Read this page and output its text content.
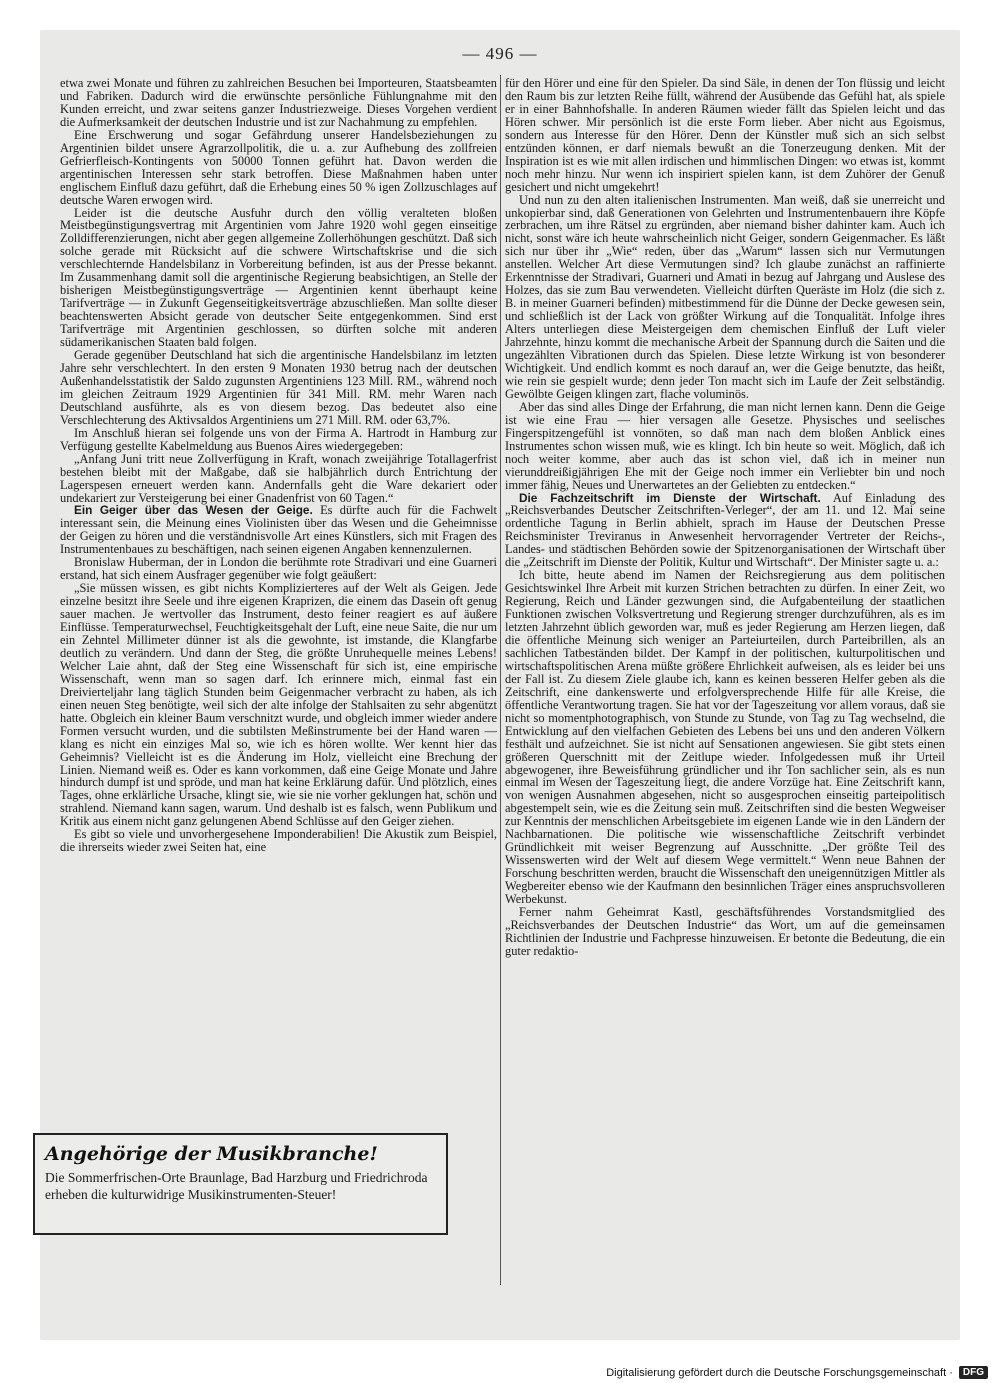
— 496 —

etwa zwei Monate und führen zu zahlreichen Besuchen bei Importeuren, Staatsbeamten und Fabriken. Dadurch wird die erwünschte persönliche Fühlungnahme mit den Kunden erreicht, und zwar seitens ganzer Industriezweige. Dieses Vorgehen verdient die Aufmerksamkeit der deutschen Industrie und ist zur Nachahmung zu empfehlen.

Eine Erschwerung und sogar Gefährdung unserer Handelsbeziehungen zu Argentinien bildet unsere Agrarzollpolitik, die u. a. zur Aufhebung des zollfreien Gefrierfleisch-Kontingents von 50000 Tonnen geführt hat. Davon werden die argentinischen Interessen sehr stark betroffen. Diese Maßnahmen haben unter englischem Einfluß dazu geführt, daß die Erhebung eines 50 % igen Zollzuschlages auf deutsche Waren erwogen wird.

Leider ist die deutsche Ausfuhr durch den völlig veralteten bloßen Meistbegünstigungsvertrag mit Argentinien vom Jahre 1920 wohl gegen einseitige Zolldifferenzierungen, nicht aber gegen allgemeine Zollerhöhungen geschützt. Daß sich solche gerade mit Rücksicht auf die schwere Wirtschaftskrise und die sich verschlechternde Handelsbilanz in Vorbereitung befinden, ist aus der Presse bekannt. Im Zusammenhang damit soll die argentinische Regierung beabsichtigen, an Stelle der bisherigen Meistbegünstigungsverträge — Argentinien kennt überhaupt keine Tarifverträge — in Zukunft Gegenseitigkeitsverträge abzuschließen. Man sollte dieser beachtenswerten Absicht gerade von deutscher Seite entgegenkommen. Sind erst Tarifverträge mit Argentinien geschlossen, so dürften solche mit anderen südamerikanischen Staaten bald folgen.

Gerade gegenüber Deutschland hat sich die argentinische Handelsbilanz im letzten Jahre sehr verschlechtert. In den ersten 9 Monaten 1930 betrug nach der deutschen Außenhandelsstatistik der Saldo zugunsten Argentiniens 123 Mill. RM., während noch im gleichen Zeitraum 1929 Argentinien für 341 Mill. RM. mehr Waren nach Deutschland ausführte, als es von diesem bezog. Das bedeutet also eine Verschlechterung des Aktivsaldos Argentiniens um 271 Mill. RM. oder 63,7%.

Im Anschluß hieran sei folgende uns von der Firma A. Hartrodt in Hamburg zur Verfügung gestellte Kabelmeldung aus Buenos Aires wiedergegeben:

„Anfang Juni tritt neue Zollverfügung in Kraft, wonach zweijährige Totallagerfrist bestehen bleibt mit der Maßgabe, daß sie halbjährlich durch Entrichtung der Lagerspesen erneuert werden kann. Andernfalls geht die Ware dekariert oder undekariert zur Versteigerung bei einer Gnadenfrist von 60 Tagen.“

Ein Geiger über das Wesen der Geige. Es dürfte auch für die Fachwelt interessant sein, die Meinung eines Violinisten über das Wesen und die Geheimnisse der Geigen zu hören und die verständnisvolle Art eines Künstlers, sich mit Fragen des Instrumentenbaues zu beschäftigen, nach seinen eigenen Angaben kennenzulernen.

Bronislaw Huberman, der in London die berühmte rote Stradivari und eine Guarneri erstand, hat sich einem Ausfrager gegenüber wie folgt geäußert:

„Sie müssen wissen, es gibt nichts Komplizierteres auf der Welt als Geigen. Jede einzelne besitzt ihre Seele und ihre eigenen Kraprizen, die einem das Dasein oft genug sauer machen. Je wertvoller das Instrument, desto feiner reagiert es auf äußere Einflüsse. Temperaturwechsel, Feuchtigkeitsgehalt der Luft, eine neue Saite, die nur um ein Zehntel Millimeter dünner ist als die gewohnte, ist imstande, die Klangfarbe deutlich zu verändern. Und dann der Steg, die größte Unruhequelle meines Lebens! Welcher Laie ahnt, daß der Steg eine Wissenschaft für sich ist, eine empirische Wissenschaft, wenn man so sagen darf. Ich erinnere mich, einmal fast ein Dreivierteljahr lang täglich Stunden beim Geigenmacher verbracht zu haben, als ich einen neuen Steg benötigte, weil sich der alte infolge der Stahlsaiten zu sehr abgenützt hatte. Obgleich ein kleiner Baum verschnitzt wurde, und obgleich immer wieder andere Formen versucht wurden, und die subtilsten Meßinstrumente bei der Hand waren — klang es nicht ein einziges Mal so, wie ich es hören wollte. Wer kennt hier das Geheimnis? Vielleicht ist es die Änderung im Holz, vielleicht eine Brechung der Linien. Niemand weiß es. Oder es kann vorkommen, daß eine Geige Monate und Jahre hindurch dumpf ist und spröde, und man hat keine Erklärung dafür. Und plötzlich, eines Tages, ohne erklärliche Ursache, klingt sie, wie sie nie vorher geklungen hat, schön und strahlend. Niemand kann sagen, warum. Und deshalb ist es falsch, wenn Publikum und Kritik aus einem nicht ganz gelungenen Abend Schlüsse auf den Geiger ziehen.

Es gibt so viele und unvorhergesehene Imponderabilien! Die Akustik zum Beispiel, die ihrerseits wieder zwei Seiten hat, eine

für den Hörer und eine für den Spieler. Da sind Säle, in denen der Ton flüssig und leicht den Raum bis zur letzten Reihe füllt, während der Ausübende das Gefühl hat, als spiele er in einer Bahnhofshalle. In anderen Räumen wieder fällt das Spielen leicht und das Hören schwer. Mir persönlich ist die erste Form lieber. Aber nicht aus Egoismus, sondern aus Interesse für den Hörer. Denn der Künstler muß sich an sich selbst entzünden können, er darf niemals bewußt an die Tonerzeugung denken. Mit der Inspiration ist es wie mit allen irdischen und himmlischen Dingen: wo etwas ist, kommt noch mehr hinzu. Nur wenn ich inspiriert spielen kann, ist dem Zuhörer der Genuß gesichert und nicht umgekehrt!

Und nun zu den alten italienischen Instrumenten. Man weiß, daß sie unerreicht und unkopierbar sind, daß Generationen von Gelehrten und Instrumentenbauern ihre Köpfe zerbrachen, um ihre Rätsel zu ergründen, aber niemand bisher dahinter kam. Auch ich nicht, sonst wäre ich heute wahrscheinlich nicht Geiger, sondern Geigenmacher. Es läßt sich nur über ihr „Wie“ reden, über das „Warum“ lassen sich nur Vermutungen anstellen. Welcher Art diese Vermutungen sind? Ich glaube zunächst an raffinierte Erkenntnisse der Stradivari, Guarneri und Amati in bezug auf Jahrgang und Auslese des Holzes, das sie zum Bau verwendeten. Vielleicht dürften Queräste im Holz (die sich z. B. in meiner Guarneri befinden) mitbestimmend für die Dünne der Decke gewesen sein, und schließlich ist der Lack von größter Wirkung auf die Tonqualität. Infolge ihres Alters unterliegen diese Meistergeigen dem chemischen Einfluß der Luft vieler Jahrzehnte, hinzu kommt die mechanische Arbeit der Spannung durch die Saiten und die ungezählten Vibrationen durch das Spielen. Diese letzte Wirkung ist von besonderer Wichtigkeit. Und endlich kommt es noch darauf an, wer die Geige benutzte, das heißt, wie rein sie gespielt wurde; denn jeder Ton macht sich im Laufe der Zeit selbständig. Gewölbte Geigen klingen zart, flache voluminös.

Aber das sind alles Dinge der Erfahrung, die man nicht lernen kann. Denn die Geige ist wie eine Frau — hier versagen alle Gesetze. Physisches und seelisches Fingerspitzengefühl ist vonnöten, so daß man nach dem bloßen Anblick eines Instrumentes schon wissen muß, wie es klingt. Ich bin heute so weit. Möglich, daß ich noch weiter komme, aber auch das ist schon viel, daß ich in meiner nun vierunddreißigjährigen Ehe mit der Geige noch immer ein Verliebter bin und noch immer fähig, Neues und Unerwartetes an der Geliebten zu entdecken.“

Die Fachzeitschrift im Dienste der Wirtschaft. Auf Einladung des „Reichsverbandes Deutscher Zeitschriften-Verleger“, der am 11. und 12. Mai seine ordentliche Tagung in Berlin abhielt, sprach im Hause der Deutschen Presse Reichsminister Treviranus in Anwesenheit hervorragender Vertreter der Reichs-, Landes- und städtischen Behörden sowie der Spitzenorganisationen der Wirtschaft über die „Zeitschrift im Dienste der Politik, Kultur und Wirtschaft“. Der Minister sagte u. a.:

Ich bitte, heute abend im Namen der Reichsregierung aus dem politischen Gesichtswinkel Ihre Arbeit mit kurzen Strichen betrachten zu dürfen. In einer Zeit, wo Regierung, Reich und Länder gezwungen sind, die Aufgabenteilung der staatlichen Funktionen zwischen Volksvertretung und Regierung strenger durchzuführen, als es im letzten Jahrzehnt üblich geworden war, muß es jeder Regierung am Herzen liegen, daß die öffentliche Meinung sich weniger an Parteiurteilen, durch Parteibrillen, als an sachlichen Tatbeständen bildet. Der Kampf in der politischen, kulturpolitischen und wirtschaftspolitischen Arena müßte größere Ehrlichkeit aufweisen, als es leider bei uns der Fall ist. Zu diesem Ziele glaube ich, kann es keinen besseren Helfer geben als die Zeitschrift, eine dankenswerte und erfolgversprechende Hilfe für alle Kreise, die öffentliche Verantwortung tragen. Sie hat vor der Tageszeitung vor allem voraus, daß sie nicht so momentphotographisch, von Stunde zu Stunde, von Tag zu Tag wechselnd, die Entwicklung auf den vielfachen Gebieten des Lebens bei uns und den anderen Völkern festhält und aufzeichnet. Sie ist nicht auf Sensationen angewiesen. Sie gibt stets einen größeren Querschnitt mit der Zeitlupe wieder. Infolgedessen muß ihr Urteil abgewogener, ihre Beweisführung gründlicher und ihr Ton sachlicher sein, als es nun einmal im Wesen der Tageszeitung liegt, die andere Vorzüge hat. Eine Zeitschrift kann, von wenigen Ausnahmen abgesehen, nicht so ausgesprochen einseitig parteipolitisch abgestempelt sein, wie es die Zeitung sein muß. Zeitschriften sind die besten Wegweiser zur Kenntnis der menschlichen Arbeitsgebiete im eigenen Lande wie in den Ländern der Nachbarnationen. Die politische wie wissenschaftliche Zeitschrift verbindet Gründlichkeit mit weiser Begrenzung auf Ausschnitte. „Der größte Teil des Wissenswerten wird der Welt auf diesem Wege vermittelt.“ Wenn neue Bahnen der Forschung beschritten werden, braucht die Wissenschaft den uneigennützigen Mittler als Wegbereiter ebenso wie der Kaufmann den besinnlichen Träger eines anspruchsvolleren Werbekunst.

Ferner nahm Geheimrat Kastl, geschäftsführendes Vorstandsmitglied des „Reichsverbandes der Deutschen Industrie“ das Wort, um auf die gemeinsamen Richtlinien der Industrie und Fachpresse hinzuweisen. Er betonte die Bedeutung, die ein guter redaktio-

Angehörige der Musikbranche!
Die Sommerfrischen-Orte Braunlage, Bad Harzburg und Friedrichroda erheben die kulturwidrige Musikinstrumenten-Steuer!
Digitalisierung gefördert durch die Deutsche Forschungsgemeinschaft ·	DFG
